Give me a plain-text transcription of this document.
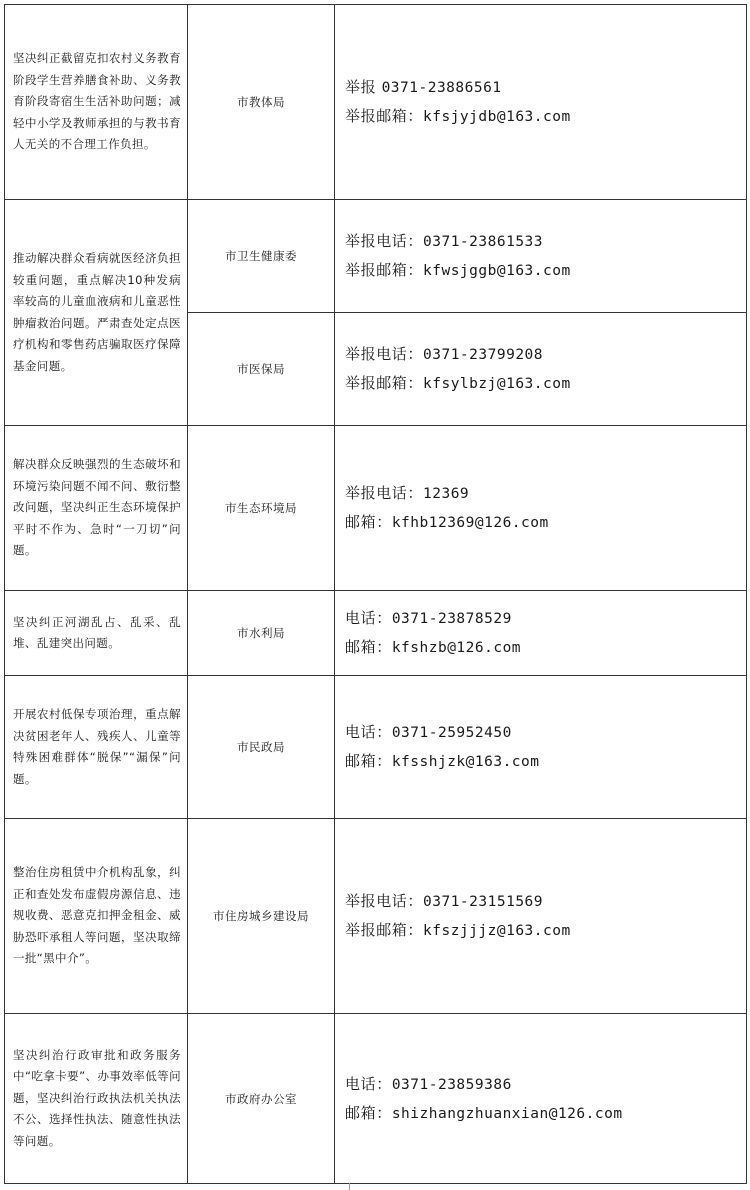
坚决纠正截留克扣农村义务教育阶段学生营养膳食补助、义务教育阶段寄宿生生活补助问题；减轻中小学及教师承担的与教书育人无关的不合理工作负担。	市教体局	举报 0371-23886561
举报邮箱：kfsjyjdb@163.com

推动解决群众看病就医经济负担较重问题，重点解决10种发病率较高的儿童血液病和儿童恶性肿瘤救治问题。严肃查处定点医疗机构和零售药店骗取医疗保障基金问题。	市卫生健康委	举报电话：0371-23861533
举报邮箱：kfwsjggb@163.com

	市医保局	举报电话：0371-23799208
举报邮箱：kfsylbzj@163.com

解决群众反映强烈的生态破坏和环境污染问题不闻不问、敷衍整改问题，坚决纠正生态环境保护平时不作为、急时“一刀切”问题。	市生态环境局	举报电话：12369
邮箱：kfhb12369@126.com

坚决纠正河湖乱占、乱采、乱堆、乱建突出问题。	市水利局	电话：0371-23878529
邮箱：kfshzb@126.com

开展农村低保专项治理，重点解决贫困老年人、残疾人、儿童等特殊困难群体“脱保”“漏保”问题。	市民政局	电话：0371-25952450
邮箱：kfsshjzk@163.com

整治住房租赁中介机构乱象，纠正和查处发布虚假房源信息、违规收费、恶意克扣押金租金、威胁恐吓承租人等问题，坚决取缔一批“黑中介”。	市住房城乡建设局	举报电话：0371-23151569
举报邮箱：kfszjjjz@163.com

坚决纠治行政审批和政务服务中“吃拿卡要”、办事效率低等问题，坚决纠治行政执法机关执法不公、选择性执法、随意性执法等问题。	市政府办公室	电话：0371-23859386
邮箱：shizhangzhuanxian@126.com
